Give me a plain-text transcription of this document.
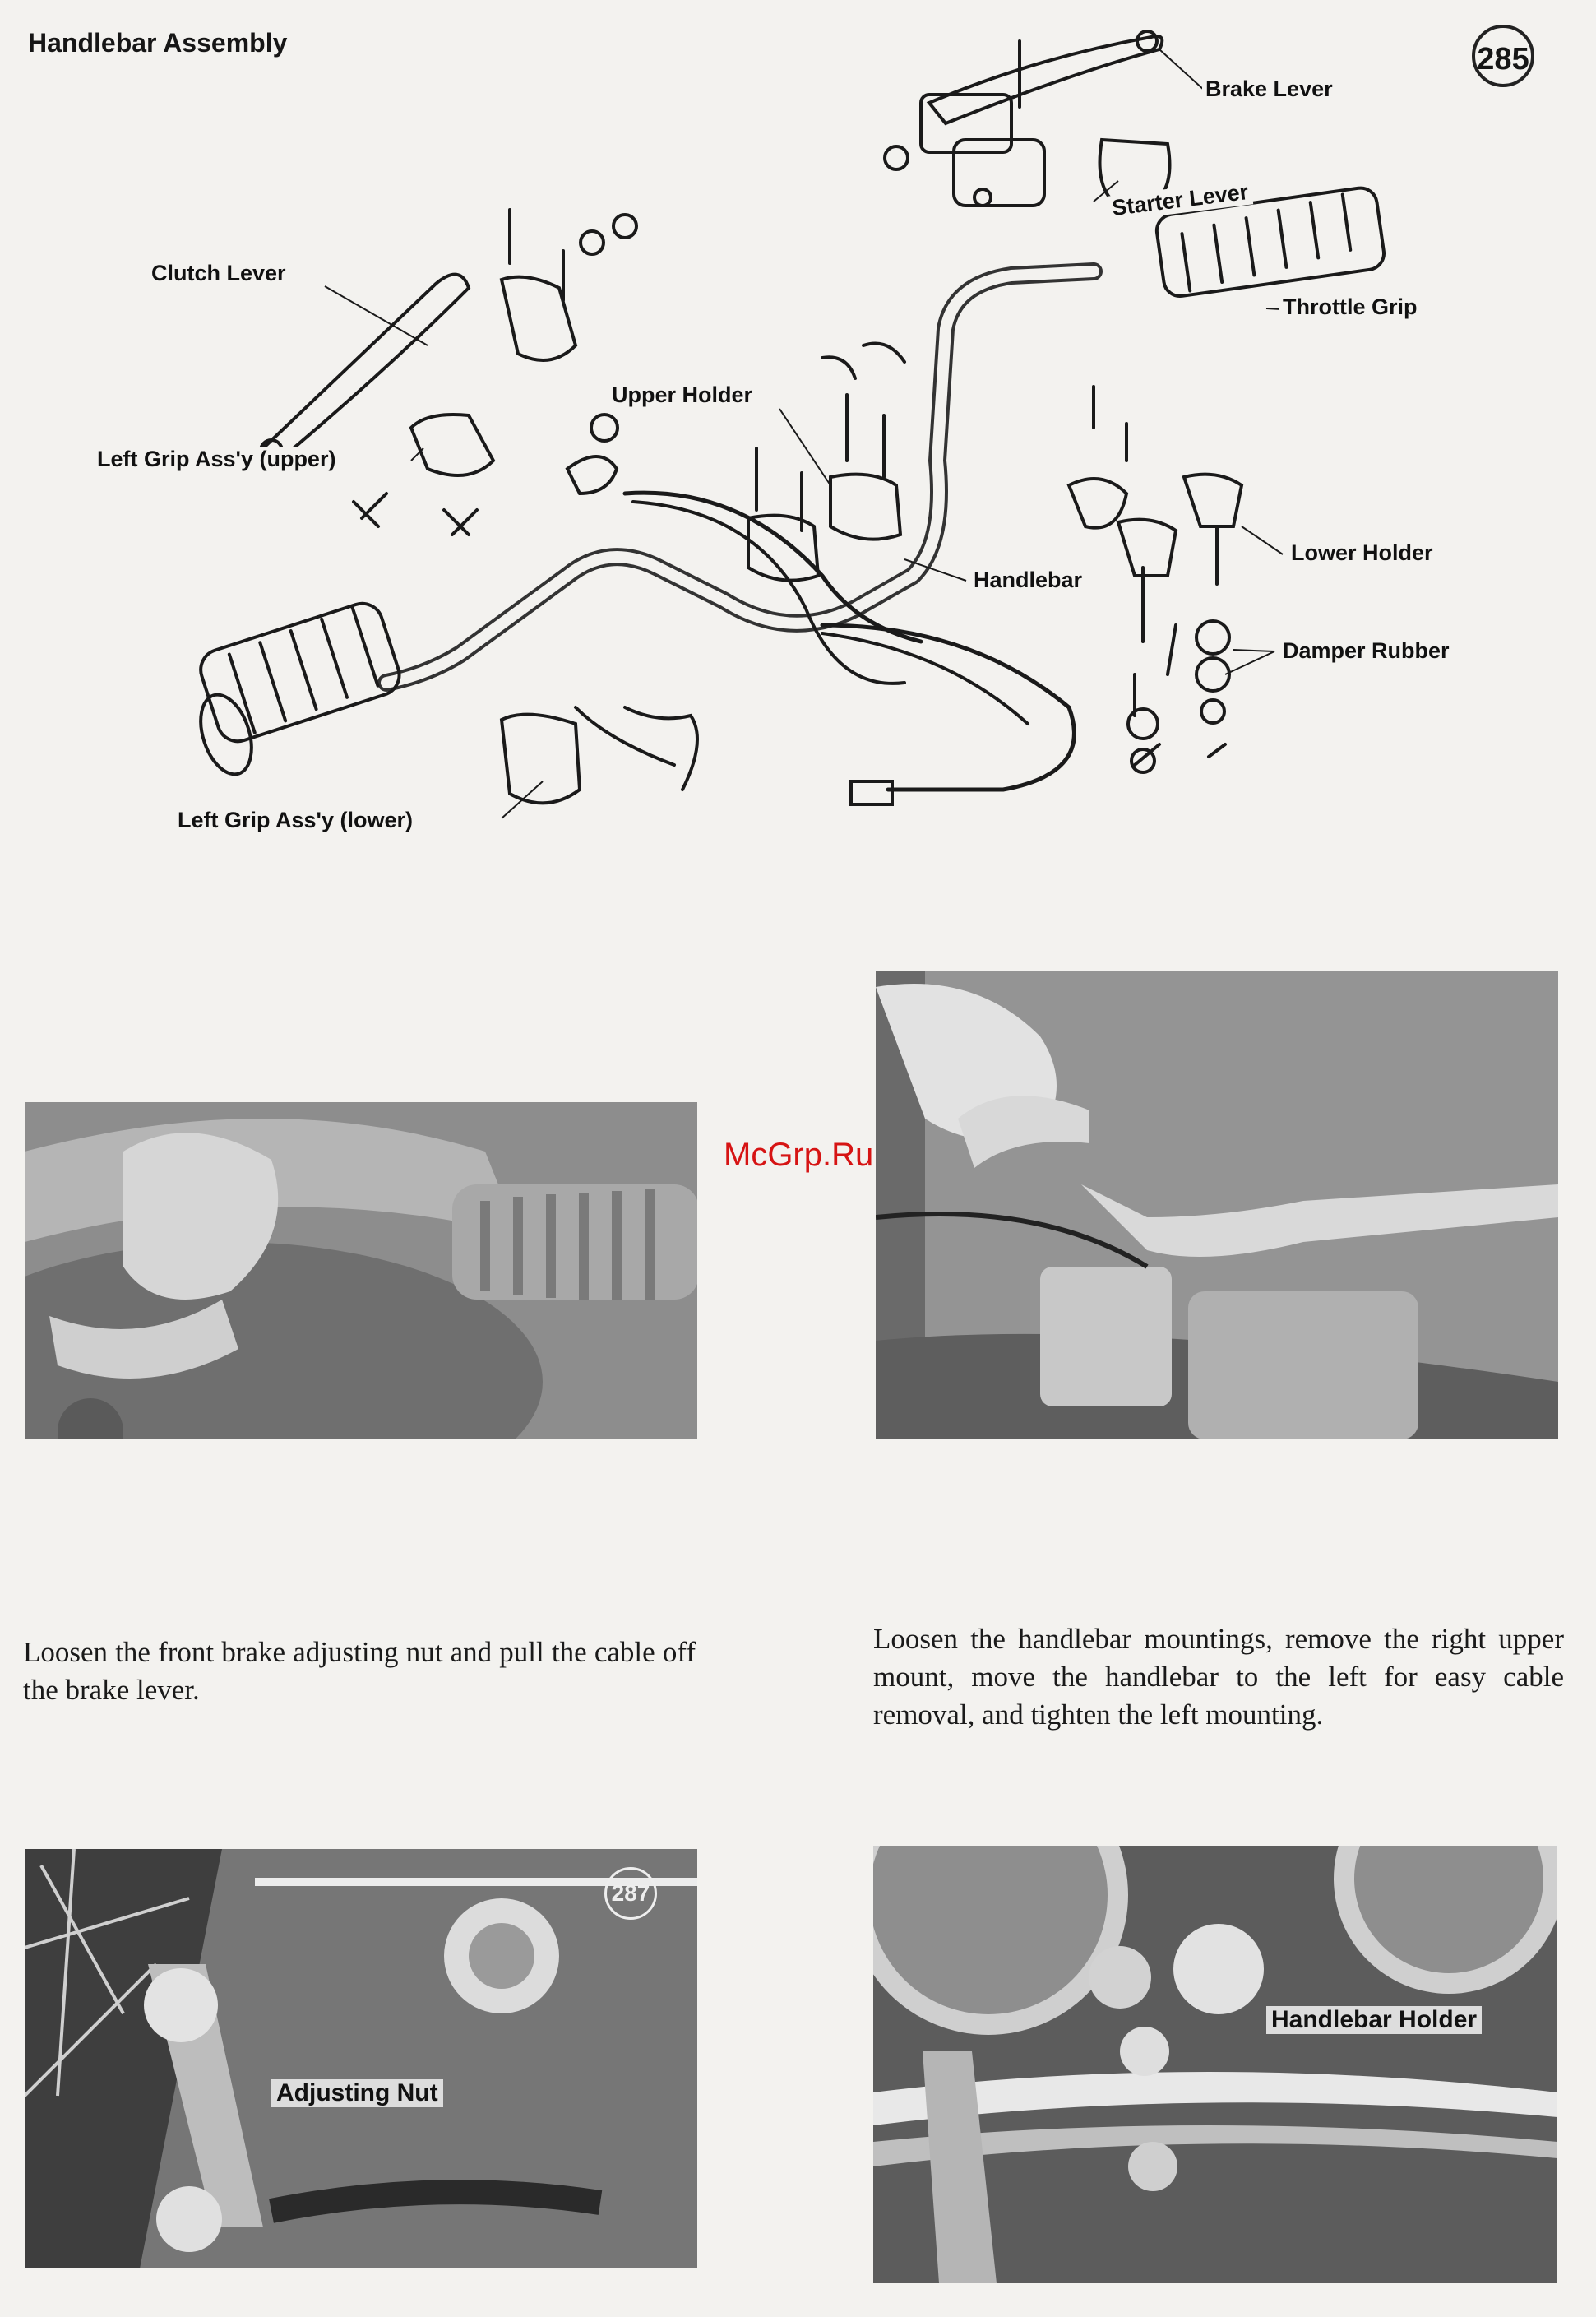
Handlebar Assembly	285
Brake Lever
Starter Lever
Clutch Lever
Throttle Grip
Upper Holder
Left Grip Ass'y (upper)
Lower Holder
Handlebar
Damper Rubber
Left Grip Ass'y (lower)
McGrp.Ru
Loosen the front brake adjusting nut and pull the cable off the brake lever.
Loosen the handlebar mountings, remove the right upper mount, move the handlebar to the left for easy cable removal, and tighten the left mounting.
287
Adjusting Nut
Handlebar Holder
